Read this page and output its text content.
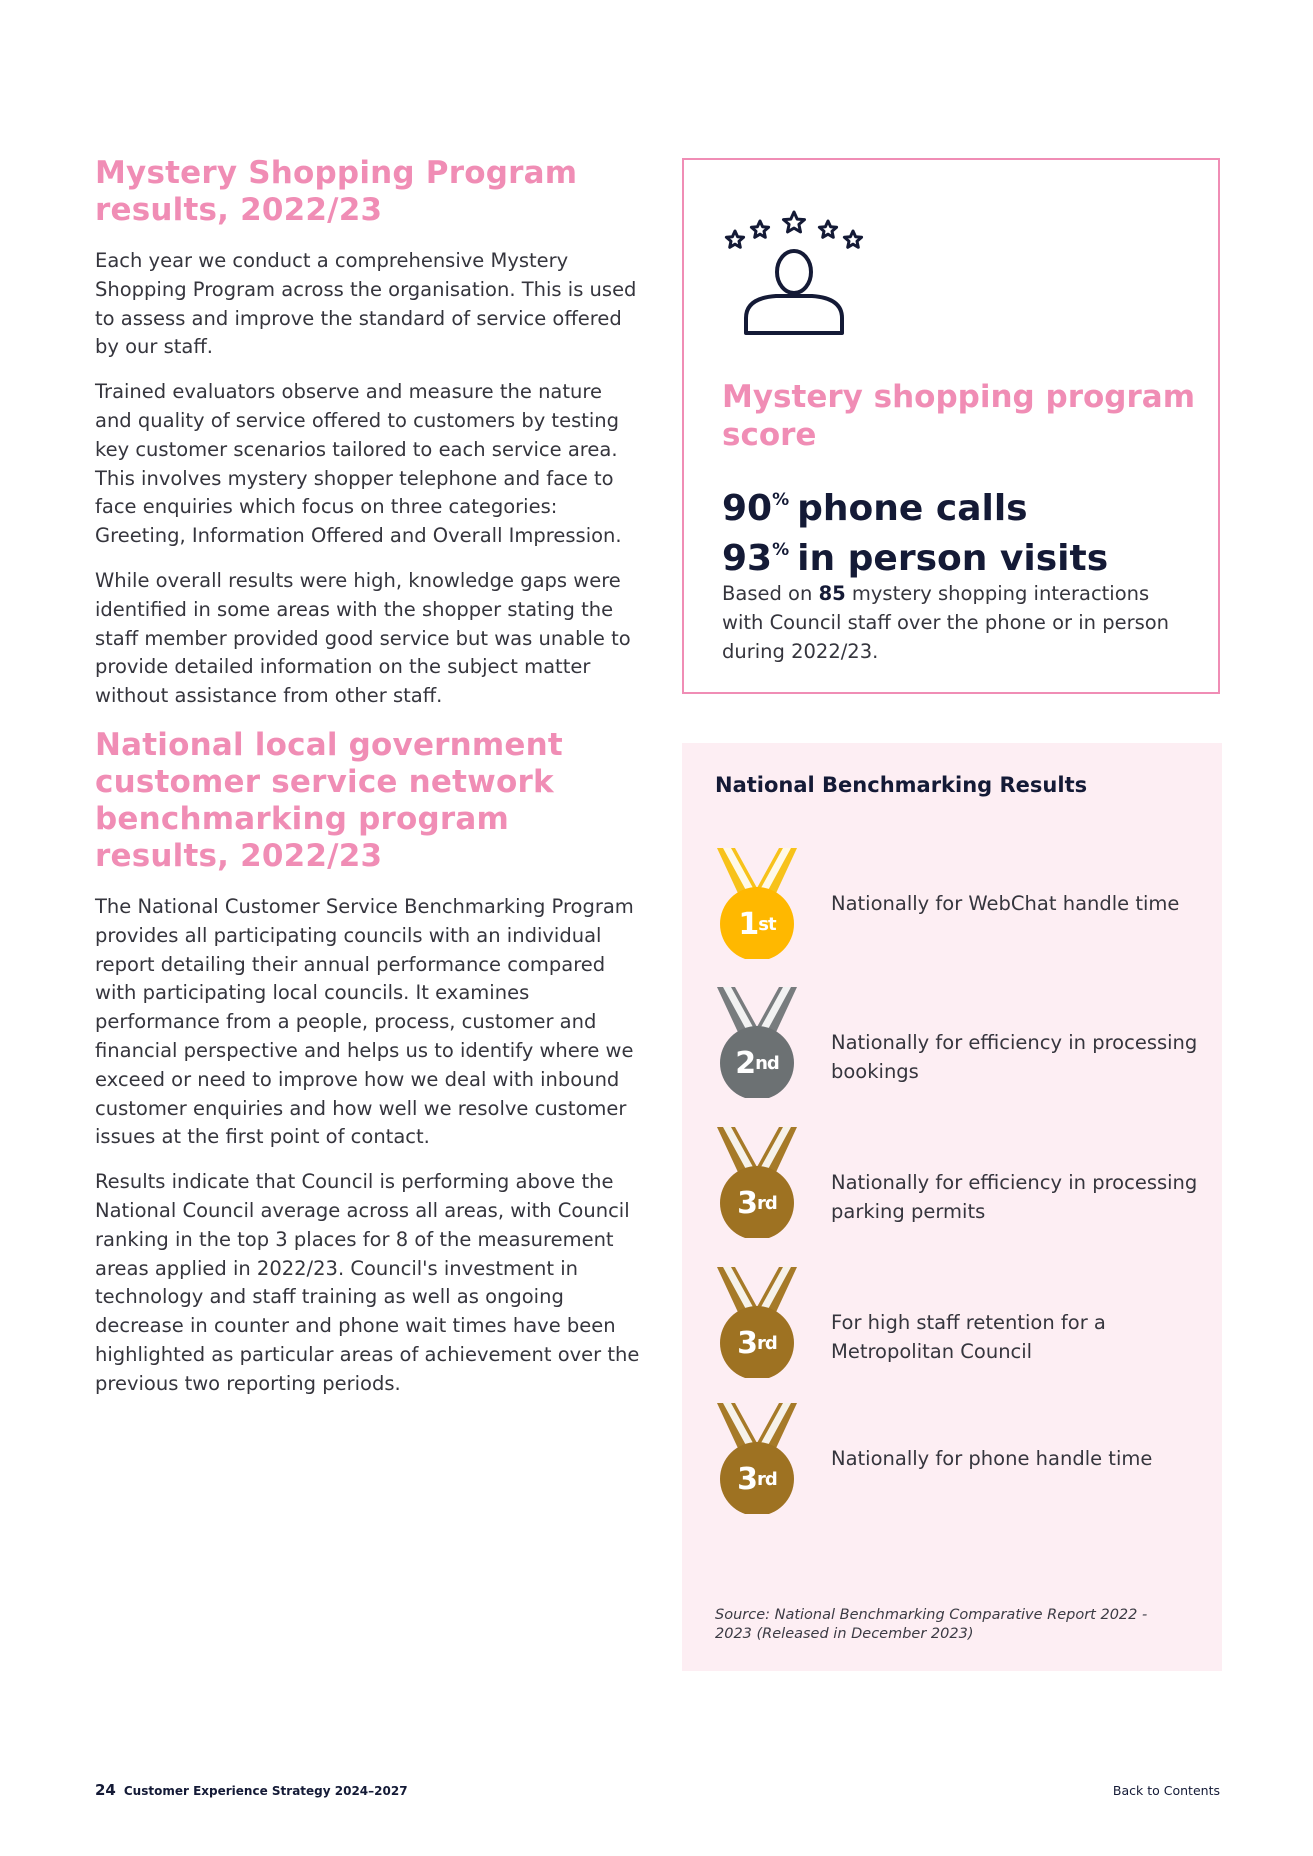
Mystery Shopping Program results, 2022/23

Each year we conduct a comprehensive Mystery Shopping Program across the organisation. This is used to assess and improve the standard of service offered by our staff.

Trained evaluators observe and measure the nature and quality of service offered to customers by testing key customer scenarios tailored to each service area. This involves mystery shopper telephone and face to face enquiries which focus on three categories: Greeting, Information Offered and Overall Impression.

While overall results were high, knowledge gaps were identified in some areas with the shopper stating the staff member provided good service but was unable to provide detailed information on the subject matter without assistance from other staff.

National local government customer service network benchmarking program results, 2022/23

The National Customer Service Benchmarking Program provides all participating councils with an individual report detailing their annual performance compared with participating local councils. It examines performance from a people, process, customer and financial perspective and helps us to identify where we exceed or need to improve how we deal with inbound customer enquiries and how well we resolve customer issues at the first point of contact.

Results indicate that Council is performing above the National Council average across all areas, with Council ranking in the top 3 places for 8 of the measurement areas applied in 2022/23. Council's investment in technology and staff training as well as ongoing decrease in counter and phone wait times have been highlighted as particular areas of achievement over the previous two reporting periods.

Mystery shopping program score
90% phone calls
93% in person visits

Based on 85 mystery shopping interactions with Council staff over the phone or in person during 2022/23.

National Benchmarking Results
1 st
Nationally for WebChat handle time
2 nd
Nationally for efficiency in processing bookings
3 rd
Nationally for efficiency in processing parking permits
3 rd
For high staff retention for a Metropolitan Council
3 rd
Nationally for phone handle time

Source: National Benchmarking Comparative Report 2022 - 2023 (Released in December 2023)

24 Customer Experience Strategy 2024–2027	Back to Contents
